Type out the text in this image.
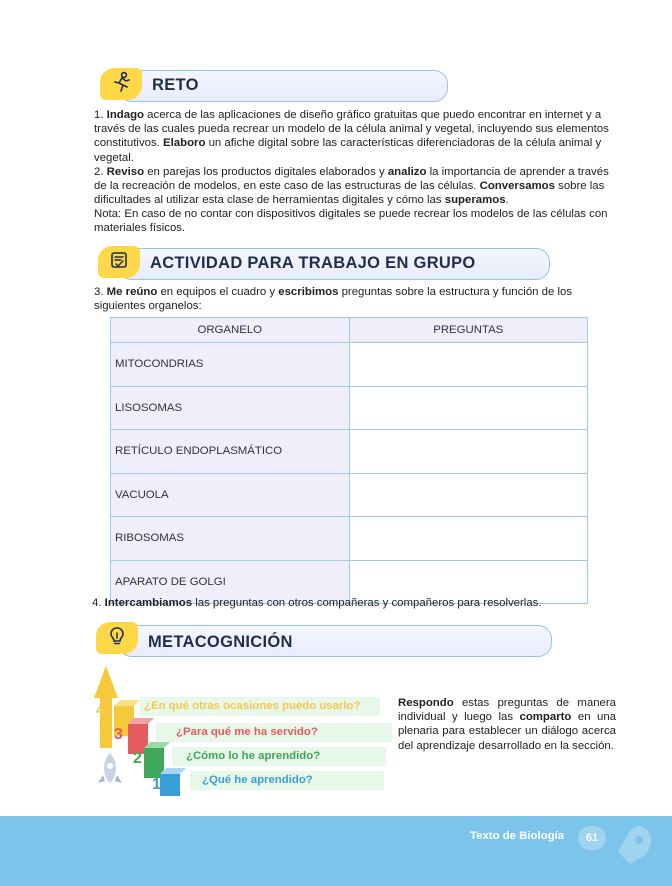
RETO
1. Indago acerca de las aplicaciones de diseño gráfico gratuitas que puedo encontrar en internet y a través de las cuales pueda recrear un modelo de la célula animal y vegetal, incluyendo sus elementos constitutivos. Elaboro un afiche digital sobre las características diferenciadoras de la célula animal y vegetal.
2. Reviso en parejas los productos digitales elaborados y analizo la importancia de aprender a través de la recreación de modelos, en este caso de las estructuras de las células. Conversamos sobre las dificultades al utilizar esta clase de herramientas digitales y cómo las superamos.
Nota: En caso de no contar con dispositivos digitales se puede recrear los modelos de las células con materiales físicos.
ACTIVIDAD PARA TRABAJO EN GRUPO
3. Me reúno en equipos el cuadro y escribimos preguntas sobre la estructura y función de los siguientes organelos:
ORGANELO	PREGUNTAS
MITOCONDRIAS	
LISOSOMAS	
RETÍCULO ENDOPLASMÁTICO	
VACUOLA	
RIBOSOMAS	
APARATO DE GOLGI	
4. Intercambiamos las preguntas con otros compañeras y compañeros para resolverlas.
METACOGNICIÓN
4
3
2
1
¿En qué otras ocasiones puedo usarlo?
¿Para qué me ha servido?
¿Cómo lo he aprendido?
¿Qué he aprendido?
Respondo estas preguntas de manera individual y luego las comparto en una plenaria para establecer un diálogo acerca del aprendizaje desarrollado en la sección.
Texto de Biología	61
